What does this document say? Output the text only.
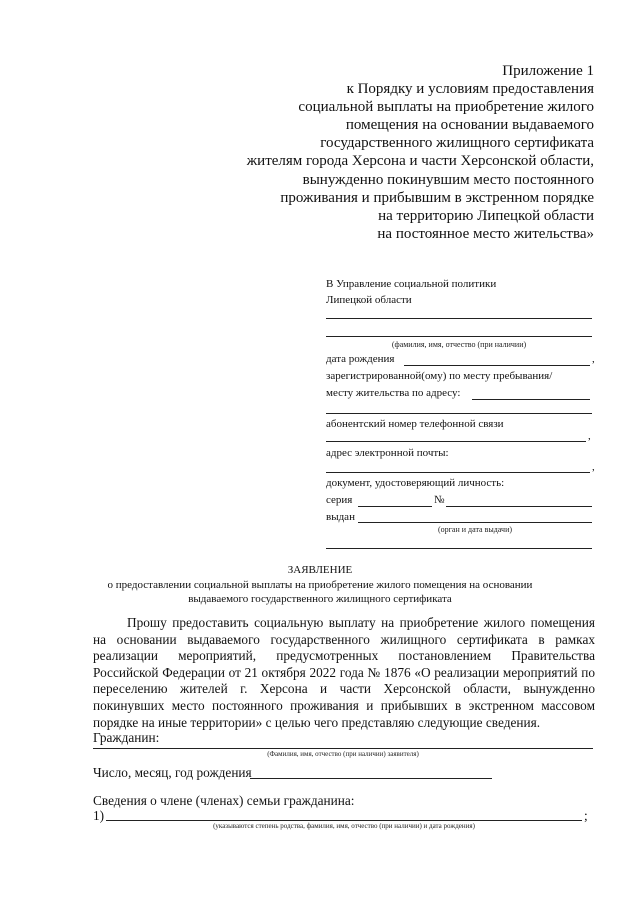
Приложение 1
к Порядку и условиям предоставления
социальной выплаты на приобретение жилого
помещения на основании выдаваемого
государственного жилищного сертификата
жителям города Херсона и части Херсонской области,
вынужденно покинувшим место постоянного
проживания и прибывшим в экстренном порядке
на территорию Липецкой области
на постоянное место жительства»
В Управление социальной политики
Липецкой области
(фамилия, имя, отчество (при наличии)
дата рождения	,
зарегистрированной(ому) по месту пребывания/
месту жительства по адресу:
абонентский номер телефонной связи
,
адрес электронной почты:
,
документ, удостоверяющий личность:
серия	№
выдан
(орган и дата выдачи)
ЗАЯВЛЕНИЕ
о предоставлении социальной выплаты на приобретение жилого помещения на основании
выдаваемого государственного жилищного сертификата
Прошу предоставить социальную выплату на приобретение жилого помещения на основании выдаваемого государственного жилищного сертификата в рамках реализации мероприятий, предусмотренных постановлением Правительства Российской Федерации от 21 октября 2022 года № 1876 «О реализации мероприятий по переселению жителей г. Херсона и части Херсонской области, вынужденно покинувших место постоянного проживания и прибывших в экстренном массовом порядке на иные территории» с целью чего представляю следующие сведения.
Гражданин:
(Фамилия, имя, отчество (при наличии) заявителя)
Число, месяц, год рождения
Сведения о члене (членах) семьи гражданина:
1)	;
(указываются степень родства, фамилия, имя, отчество (при наличии) и дата рождения)
